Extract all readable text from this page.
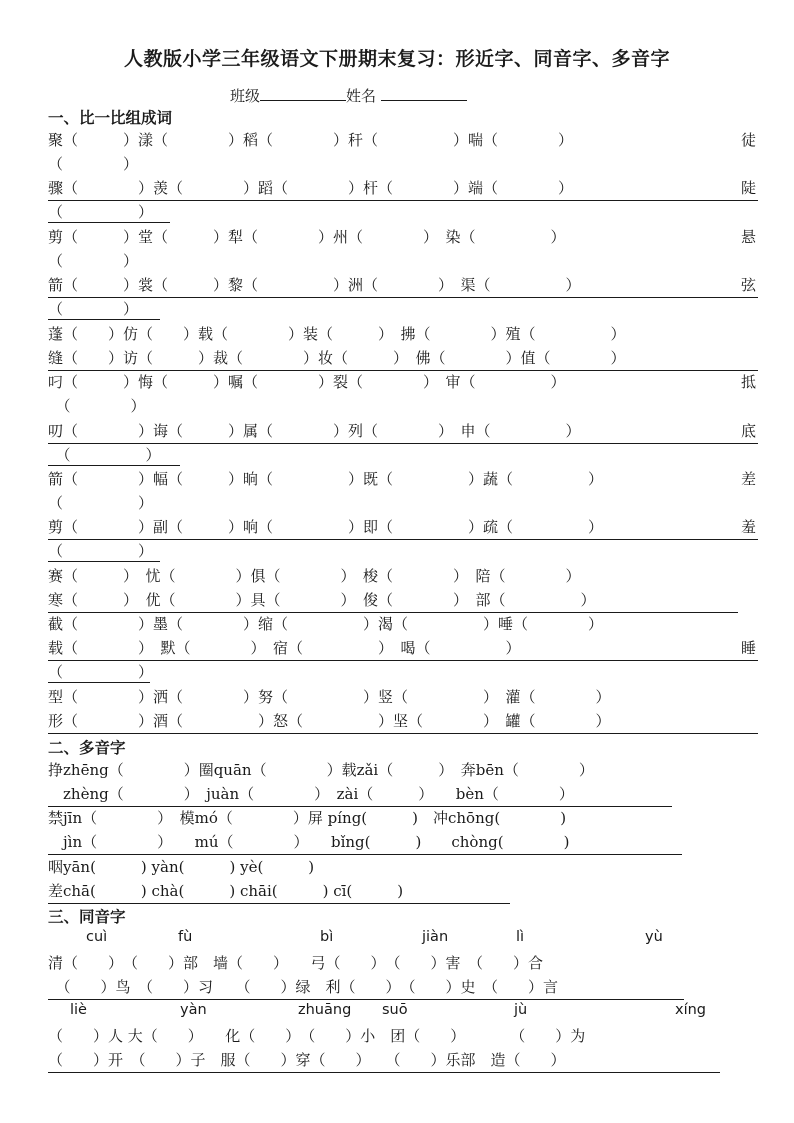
人教版小学三年级语文下册期末复习：形近字、同音字、多音字
班级	姓名
一、比一比组成词
聚（　　　）漾（　　　　）稻（　　　　）秆（　　　　　）喘（　　　　）	徒
（　　　　）
骤（　　　　）羡（　　　　）蹈（　　　　）杆（　　　　）端（　　　　）	陡
（　　　　　）
剪（　　　）堂（　　　）犁（　　　　）州（　　　　）　染（　　　　　）	悬
（　　　　）
箭（　　　）裳（　　　）黎（　　　　　）洲（　　　　）　渠（　　　　　）	弦
（　　　　）
蓬（　　）仿（　　）载（　　　　）装（　　　）　拂（　　　　）殖（　　　　　）
缝（　　）访（　　　）裁（　　　　）妆（　　　）　佛（　　　　）值（　　　　）
叼（　　　）悔（　　　）嘱（　　　　）裂（　　　　）　审（　　　　　）	抵
　（　　　　）
叨（　　　　）诲（　　　）属（　　　　）列（　　　　）　申（　　　　　）	底
　（　　　　　）
箭（　　　　）幅（　　　）晌（　　　　　）既（　　　　　）蔬（　　　　　）	差
（　　　　　）
剪（　　　　）副（　　　）响（　　　　　）即（　　　　　）疏（　　　　　）	羞
（　　　　　）
赛（　　　）　忧（　　　　）俱（　　　　）　梭（　　　　）　陪（　　　　）
寒（　　　）　优（　　　　）具（　　　　）　俊（　　　　）　部（　　　　　）
截（　　　　）墨（　　　　）缩（　　　　　）渴（　　　　　）唾（　　　　）
载（　　　　）　默（　　　　）　宿（　　　　　）　喝（　　　　　）	睡
（　　　　　）
型（　　　　）洒（　　　　）努（　　　　　）竖（　　　　　）　灌（　　　　）
形（　　　　）酒（　　　　　）怒（　　　　　）坚（　　　　）　罐（　　　　）
二、多音字
挣zhēng（　　　　）圈quān（　　　　）载zǎi（　　　）　奔bēn（　　　　）
　zhèng（　　　　）　juàn（　　　　）　zài（　　　）　　bèn（　　　　）
禁jīn（　　　　）　模mó（　　　　）屏 píng(　　　)　冲chōng(　　　　)
　jìn（　　　　）　　mú（　　　　）　　bǐng(　　　)　　chòng(　　　　)
咽yān(　　　) yàn(　　　) yè(　　　)
差chā(　　　) chà(　　　) chāi(　　　) cī(　　　)
三、同音字
cuì	fù	bì	jiàn	lì	yù
清（　　）　（　　）部　墙（　　）　　弓（　　）　（　　）害　（　　）合
　（　　）鸟　（　　）习　　（　　）绿　利（　　）　（　　）史　（　　）言
liè	yàn	zhuāng suō	jù	xíng
（　　）人 大（　　）　　化（　　）　（　　）小　团（　　）　　　　（　　）为
（　　）开　（　　）子　服（　　）穿（　　）　　（　　）乐部　造（　　）
